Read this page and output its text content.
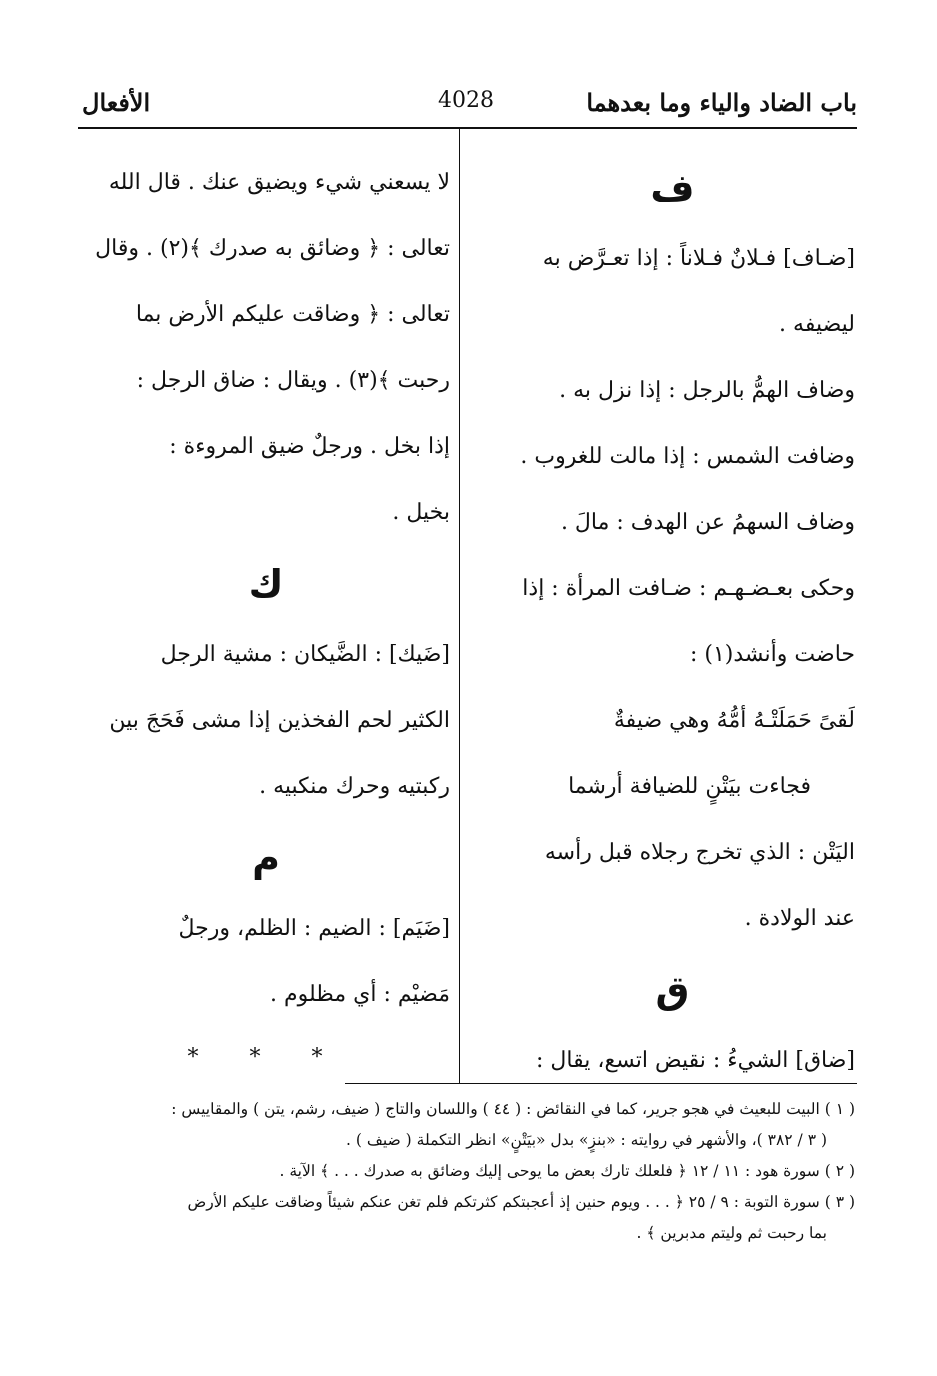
باب الضاد والياء وما بعدهما
4028
الأفعال
ف
[ضـاف] فـلانٌ فـلاناً : إذا تعـرَّض به
ليضيفه .
وضاف الهمُّ بالرجل : إذا نزل به .
وضافت الشمس : إذا مالت للغروب .
وضاف السهمُ عن الهدف : مالَ .
وحكى بعـضـهـم : ضـافت المرأة : إذا
حاضت وأنشد(١) :
لَقىً حَمَلَتْـهُ أمُّهُ وهي ضيفةٌ
فجاءت بيَتْنٍ للضيافة أرشما
اليَتْن : الذي تخرج رجلاه قبل رأسه
عند الولادة .
ق
[ضاق] الشيءُ : نقيض اتسع، يقال :
لا يسعني شيء ويضيق عنك . قال الله
تعالى : ﴿ وضائق به صدرك ﴾(٢) . وقال
تعالى : ﴿ وضاقت عليكم الأرض بما
رحبت ﴾(٣) . ويقال : ضاق الرجل :
إذا بخل . ورجلٌ ضيق المروءة :
بخيل .
ك
[ضَيك] : الضَّيكان : مشية الرجل
الكثير لحم الفخذين إذا مشى فَحَجَ بين
ركبتيه وحرك منكبيه .
م
[ضَيَم] : الضيم : الظلم، ورجلٌ
مَضيْم : أي مظلوم .
* * *
( ١ ) البيت للبعيث في هجو جرير، كما في النقائض : ( ٤٤ ) واللسان والتاج ( ضيف، رشم، يتن ) والمقاييس :
( ٣ / ٣٨٢ )، والأشهر في روايته : «بنزٍ» بدل «بيَتْنٍ» انظر التكملة ( ضيف ) .
( ٢ ) سورة هود : ١١ / ١٢ ﴿ فلعلك تارك بعض ما يوحى إليك وضائق به صدرك . . . ﴾ الآية .
( ٣ ) سورة التوبة : ٩ / ٢٥ ﴿ . . . ويوم حنين إذ أعجبتكم كثرتكم فلم تغن عنكم شيئاً وضاقت عليكم الأرض
بما رحبت ثم وليتم مدبرين ﴾ .
